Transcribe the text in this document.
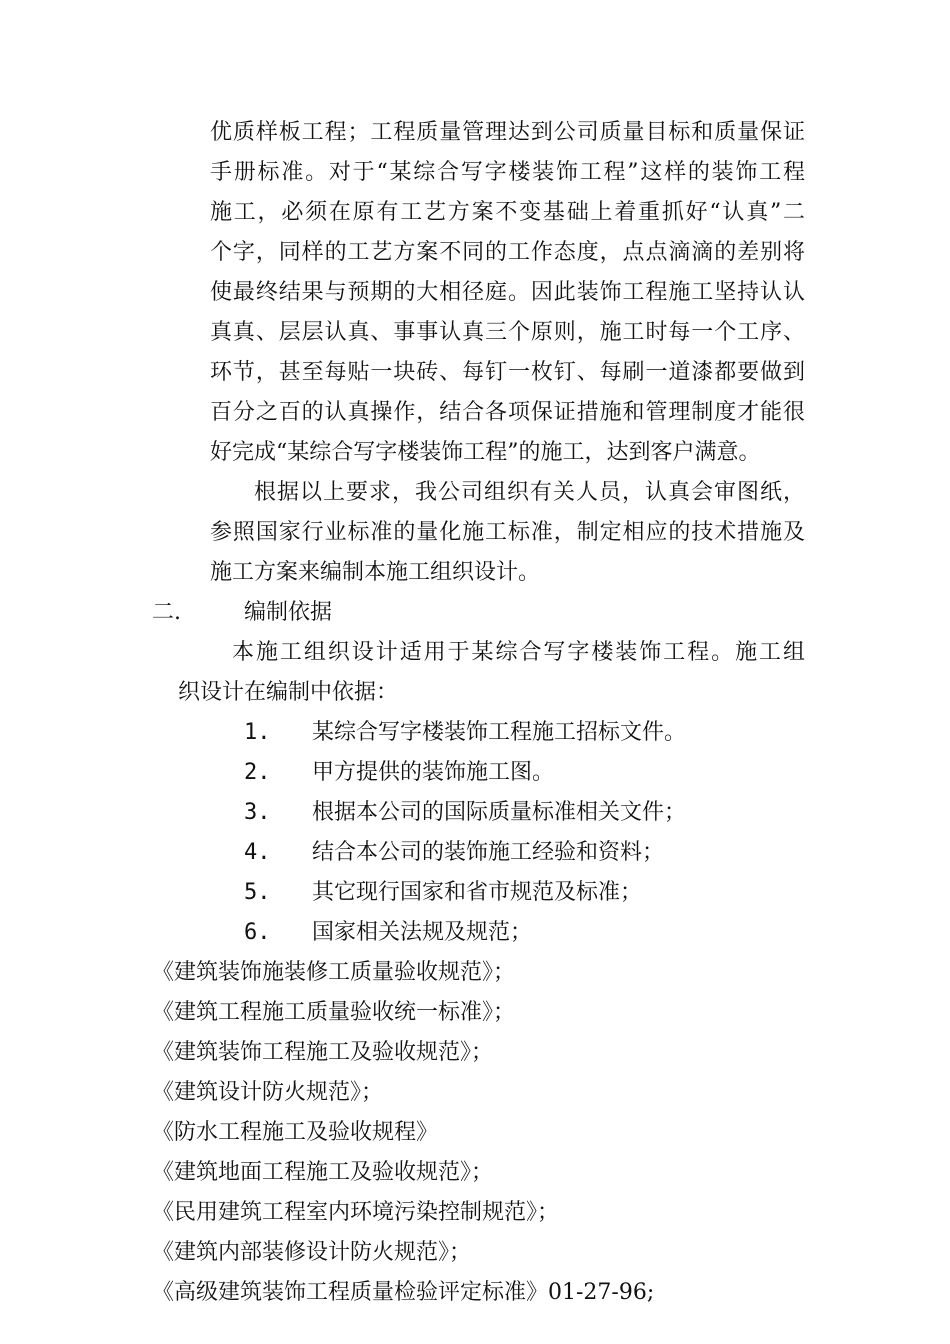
优质样板工程；工程质量管理达到公司质量目标和质量保证
手册标准。对于“某综合写字楼装饰工程”这样的装饰工程
施工，必须在原有工艺方案不变基础上着重抓好“认真”二
个字，同样的工艺方案不同的工作态度，点点滴滴的差别将
使最终结果与预期的大相径庭。因此装饰工程施工坚持认认
真真、层层认真、事事认真三个原则，施工时每一个工序、
环节，甚至每贴一块砖、每钉一枚钉、每刷一道漆都要做到
百分之百的认真操作，结合各项保证措施和管理制度才能很
好完成“某综合写字楼装饰工程”的施工，达到客户满意。
根据以上要求，我公司组织有关人员，认真会审图纸，
参照国家行业标准的量化施工标准，制定相应的技术措施及
施工方案来编制本施工组织设计。
二.	编制依据
本施工组织设计适用于某综合写字楼装饰工程。施工组
织设计在编制中依据：
1. 某综合写字楼装饰工程施工招标文件。
2. 甲方提供的装饰施工图。
3. 根据本公司的国际质量标准相关文件；
4. 结合本公司的装饰施工经验和资料；
5. 其它现行国家和省市规范及标准；
6. 国家相关法规及规范；
《建筑装饰施装修工质量验收规范》；
《建筑工程施工质量验收统一标准》；
《建筑装饰工程施工及验收规范》；
《建筑设计防火规范》；
《防水工程施工及验收规程》
《建筑地面工程施工及验收规范》；
《民用建筑工程室内环境污染控制规范》；
《建筑内部装修设计防火规范》；
《高级建筑装饰工程质量检验评定标准》01-27-96;
